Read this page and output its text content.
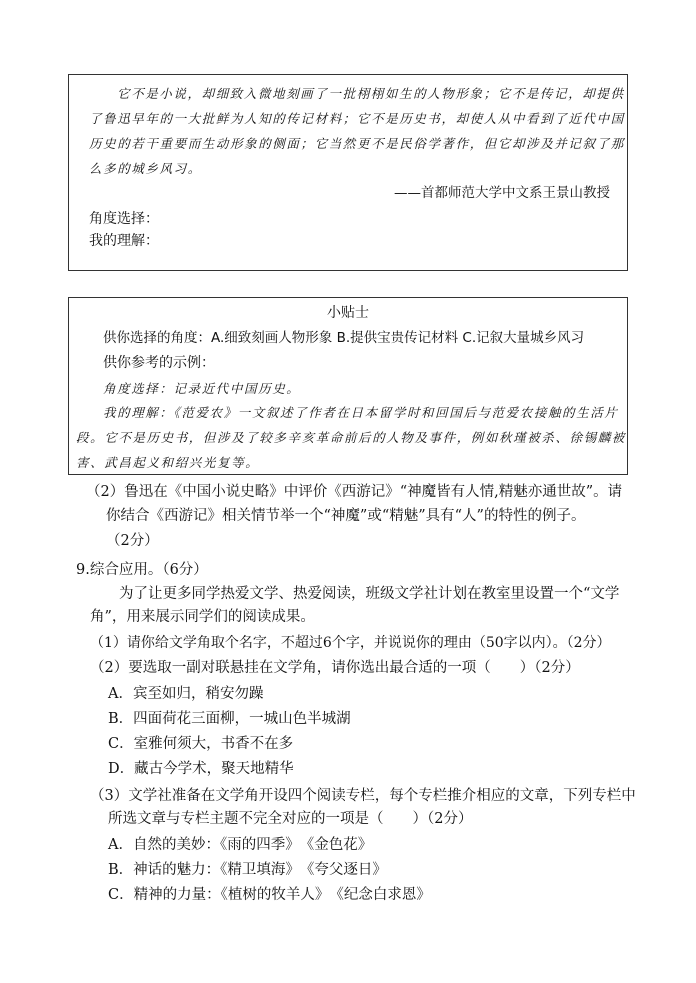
它不是小说，却细致入微地刻画了一批栩栩如生的人物形象；它不是传记，却提供
了鲁迅早年的一大批鲜为人知的传记材料；它不是历史书，却使人从中看到了近代中国
历史的若干重要而生动形象的侧面；它当然更不是民俗学著作，但它却涉及并记叙了那
么多的城乡风习。
——首都师范大学中文系王景山教授
角度选择：
我的理解：
小贴士
供你选择的角度：A.细致刻画人物形象 B.提供宝贵传记材料 C.记叙大量城乡风习
供你参考的示例：
角度选择：记录近代中国历史。
我的理解：《范爱农》一文叙述了作者在日本留学时和回国后与范爱农接触的生活片
段。它不是历史书，但涉及了较多辛亥革命前后的人物及事件，例如秋瑾被杀、徐锡麟被
害、武昌起义和绍兴光复等。
（2）鲁迅在《中国小说史略》中评价《西游记》“神魔皆有人情,精魅亦通世故”。请
你结合《西游记》相关情节举一个“神魔”或“精魅”具有“人”的特性的例子。
（2分）
9.综合应用。（6分）
为了让更多同学热爱文学、热爱阅读，班级文学社计划在教室里设置一个“文学
角”，用来展示同学们的阅读成果。
（1）请你给文学角取个名字，不超过6个字，并说说你的理由（50字以内）。（2分）
（2）要选取一副对联悬挂在文学角，请你选出最合适的一项（　　）（2分）
A．宾至如归，稍安勿躁
B．四面荷花三面柳，一城山色半城湖
C．室雅何须大，书香不在多
D．藏古今学术，聚天地精华
（3）文学社准备在文学角开设四个阅读专栏，每个专栏推介相应的文章，下列专栏中
所选文章与专栏主题不完全对应的一项是（　　）（2分）
A．自然的美妙：《雨的四季》　《金色花》
B．神话的魅力：《精卫填海》　《夸父逐日》
C．精神的力量：《植树的牧羊人》　《纪念白求恩》
